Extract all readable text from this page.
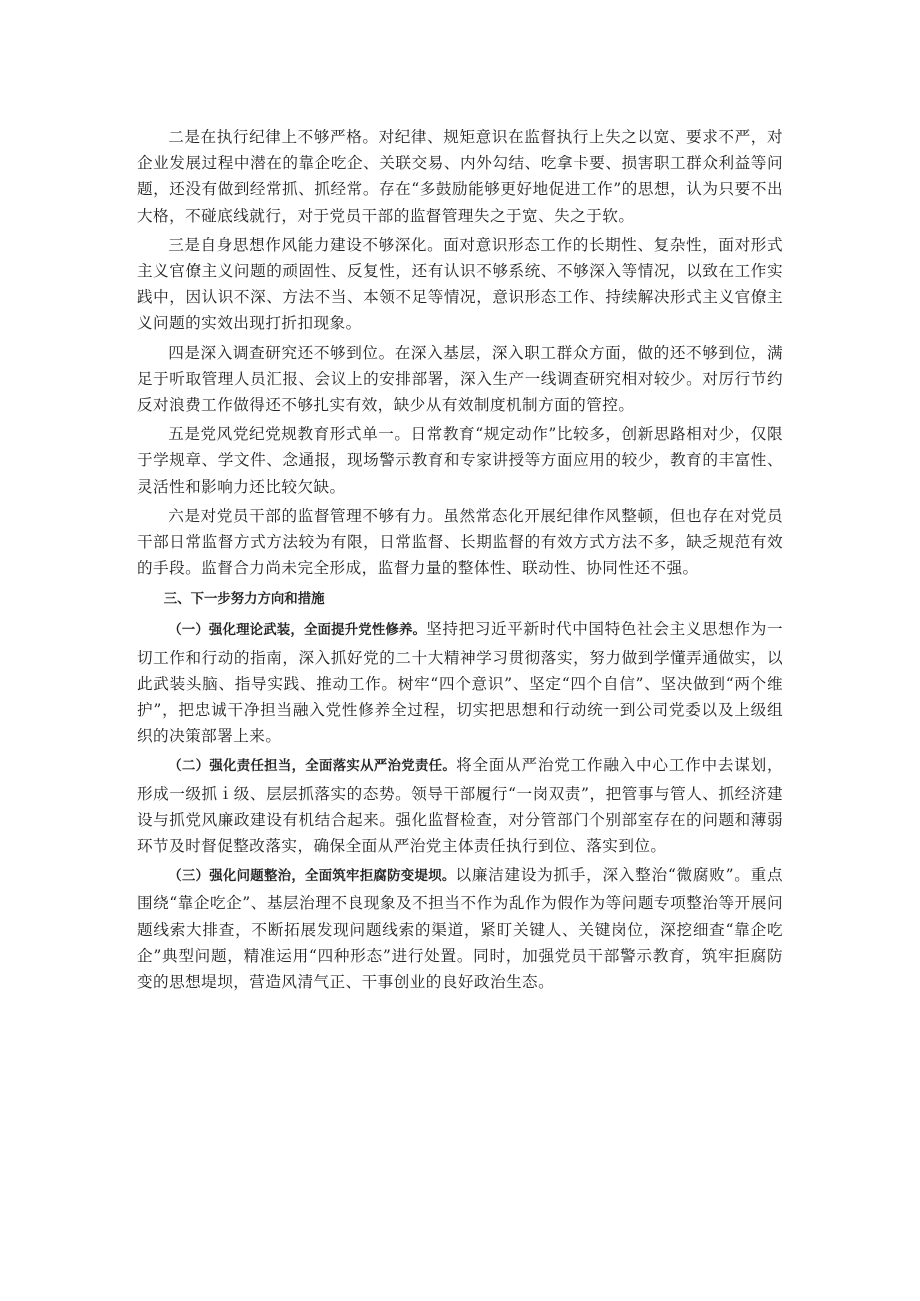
二是在执行纪律上不够严格。对纪律、规矩意识在监督执行上失之以宽、要求不严，对企业发展过程中潜在的靠企吃企、关联交易、内外勾结、吃拿卡要、损害职工群众利益等问题，还没有做到经常抓、抓经常。存在“多鼓励能够更好地促进工作”的思想，认为只要不出大格，不碰底线就行，对于党员干部的监督管理失之于宽、失之于软。

三是自身思想作风能力建设不够深化。面对意识形态工作的长期性、复杂性，面对形式主义官僚主义问题的顽固性、反复性，还有认识不够系统、不够深入等情况，以致在工作实践中，因认识不深、方法不当、本领不足等情况，意识形态工作、持续解决形式主义官僚主义问题的实效出现打折扣现象。

四是深入调查研究还不够到位。在深入基层，深入职工群众方面，做的还不够到位，满足于听取管理人员汇报、会议上的安排部署，深入生产一线调查研究相对较少。对厉行节约反对浪费工作做得还不够扎实有效，缺少从有效制度机制方面的管控。

五是党风党纪党规教育形式单一。日常教育“规定动作”比较多，创新思路相对少，仅限于学规章、学文件、念通报，现场警示教育和专家讲授等方面应用的较少，教育的丰富性、灵活性和影响力还比较欠缺。

六是对党员干部的监督管理不够有力。虽然常态化开展纪律作风整顿，但也存在对党员干部日常监督方式方法较为有限，日常监督、长期监督的有效方式方法不多，缺乏规范有效的手段。监督合力尚未完全形成，监督力量的整体性、联动性、协同性还不强。

三、下一步努力方向和措施

（一）强化理论武装，全面提升党性修养。坚持把习近平新时代中国特色社会主义思想作为一切工作和行动的指南，深入抓好党的二十大精神学习贯彻落实，努力做到学懂弄通做实，以此武装头脑、指导实践、推动工作。树牢“四个意识”、坚定“四个自信”、坚决做到“两个维护”，把忠诚干净担当融入党性修养全过程，切实把思想和行动统一到公司党委以及上级组织的决策部署上来。

（二）强化责任担当，全面落实从严治党责任。将全面从严治党工作融入中心工作中去谋划，形成一级抓ｉ级、层层抓落实的态势。领导干部履行“一岗双责”，把管事与管人、抓经济建设与抓党风廉政建设有机结合起来。强化监督检查，对分管部门个别部室存在的问题和薄弱环节及时督促整改落实，确保全面从严治党主体责任执行到位、落实到位。

（三）强化问题整治，全面筑牢拒腐防变堤坝。以廉洁建设为抓手，深入整治“微腐败”。重点围绕“靠企吃企”、基层治理不良现象及不担当不作为乱作为假作为等问题专项整治等开展问题线索大排查，不断拓展发现问题线索的渠道，紧盯关键人、关键岗位，深挖细查“靠企吃企”典型问题，精准运用“四种形态”进行处置。同时，加强党员干部警示教育，筑牢拒腐防变的思想堤坝，营造风清气正、干事创业的良好政治生态。
